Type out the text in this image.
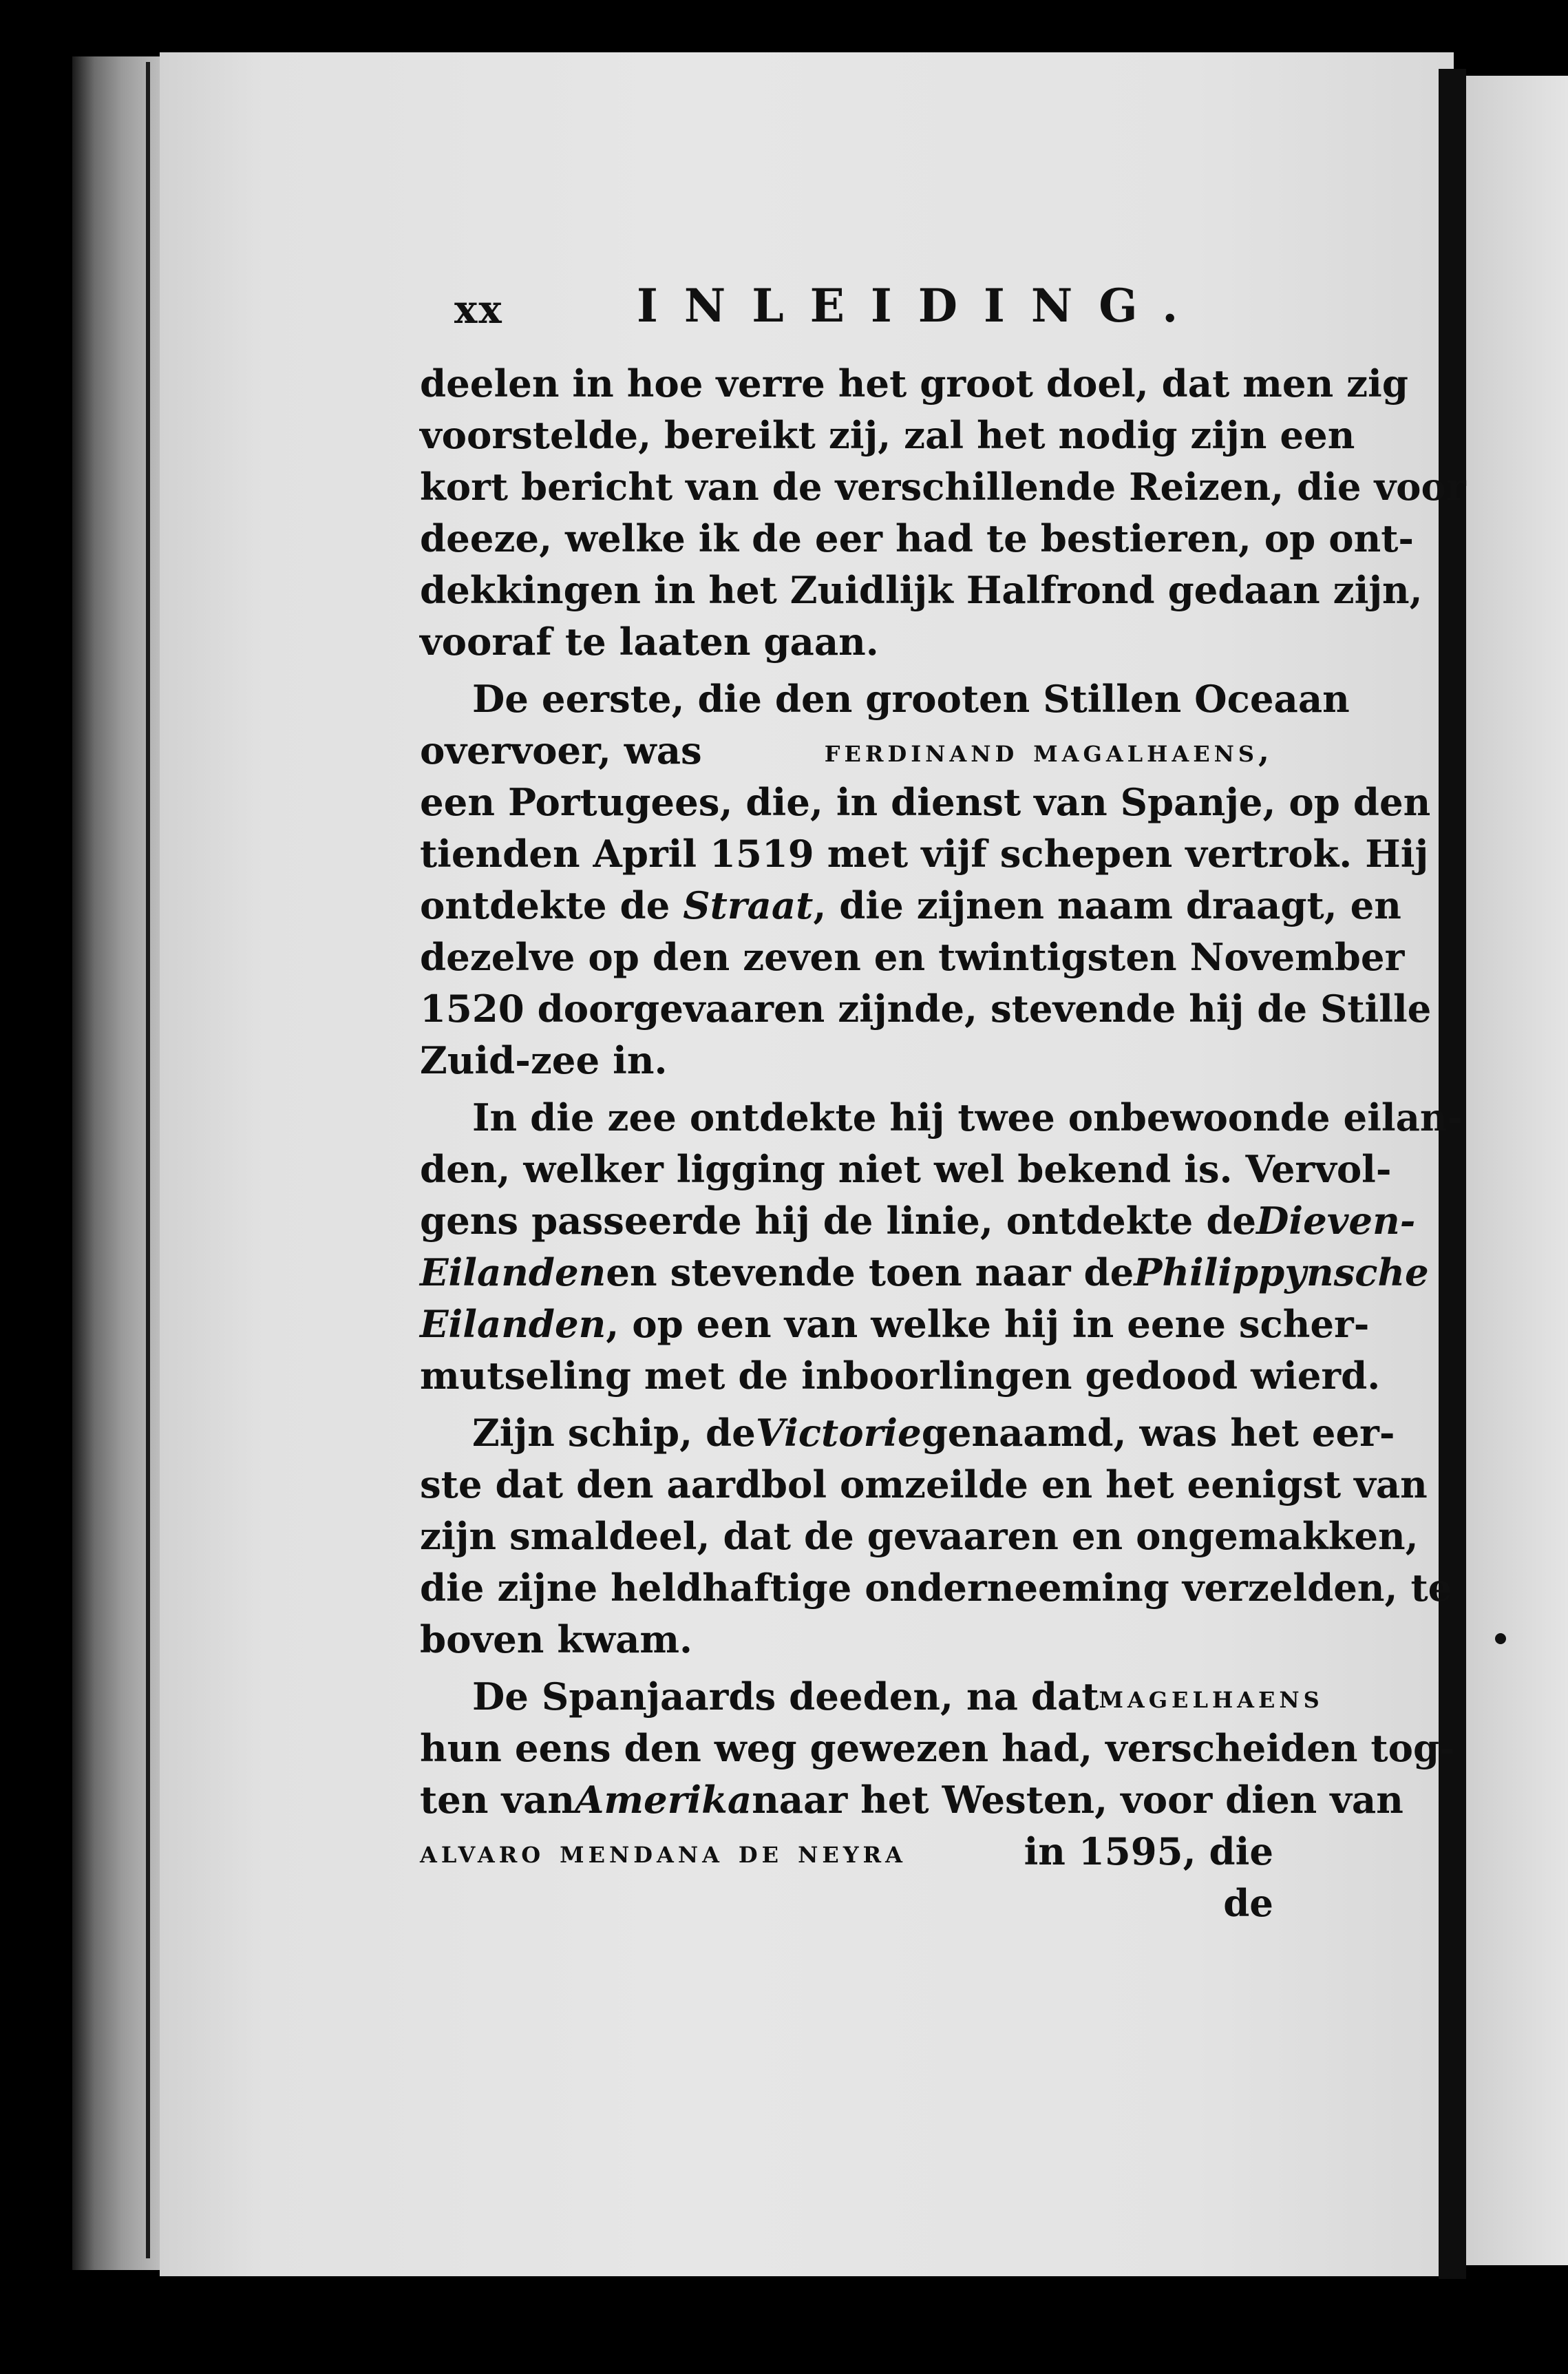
xx	INLEIDING.
deelen in hoe verre het groot doel, dat men zig
voorstelde, bereikt zij, zal het nodig zijn een
kort bericht van de verschillende Reizen, die voor
deeze, welke ik de eer had te bestieren, op ont-
dekkingen in het Zuidlijk Halfrond gedaan zijn,
vooraf te laaten gaan.
De eerste, die den grooten Stillen Oceaan
overvoer, was	ferdinand magalhaens,
een Portugees, die, in dienst van Spanje, op den
tienden April 1519 met vijf schepen vertrok. Hij
ontdekte de Straat, die zijnen naam draagt, en
dezelve op den zeven en twintigsten November
1520 doorgevaaren zijnde, stevende hij de Stille
Zuid-zee in.
In die zee ontdekte hij twee onbewoonde eilan-
den, welker ligging niet wel bekend is. Vervol-
gens passeerde hij de linie, ontdekte de Dieven-
Eilanden en stevende toen naar de Philippynsche
Eilanden, op een van welke hij in eene scher-
mutseling met de inboorlingen gedood wierd.
Zijn schip, de Victorie genaamd, was het eer-
ste dat den aardbol omzeilde en het eenigst van
zijn smaldeel, dat de gevaaren en ongemakken,
die zijne heldhaftige onderneeming verzelden, te
boven kwam.
De Spanjaards deeden, na dat magelhaens
hun eens den weg gewezen had, verscheiden tog-
ten van Amerika naar het Westen, voor dien van
alvaro mendana de neyra	in 1595, die
de
